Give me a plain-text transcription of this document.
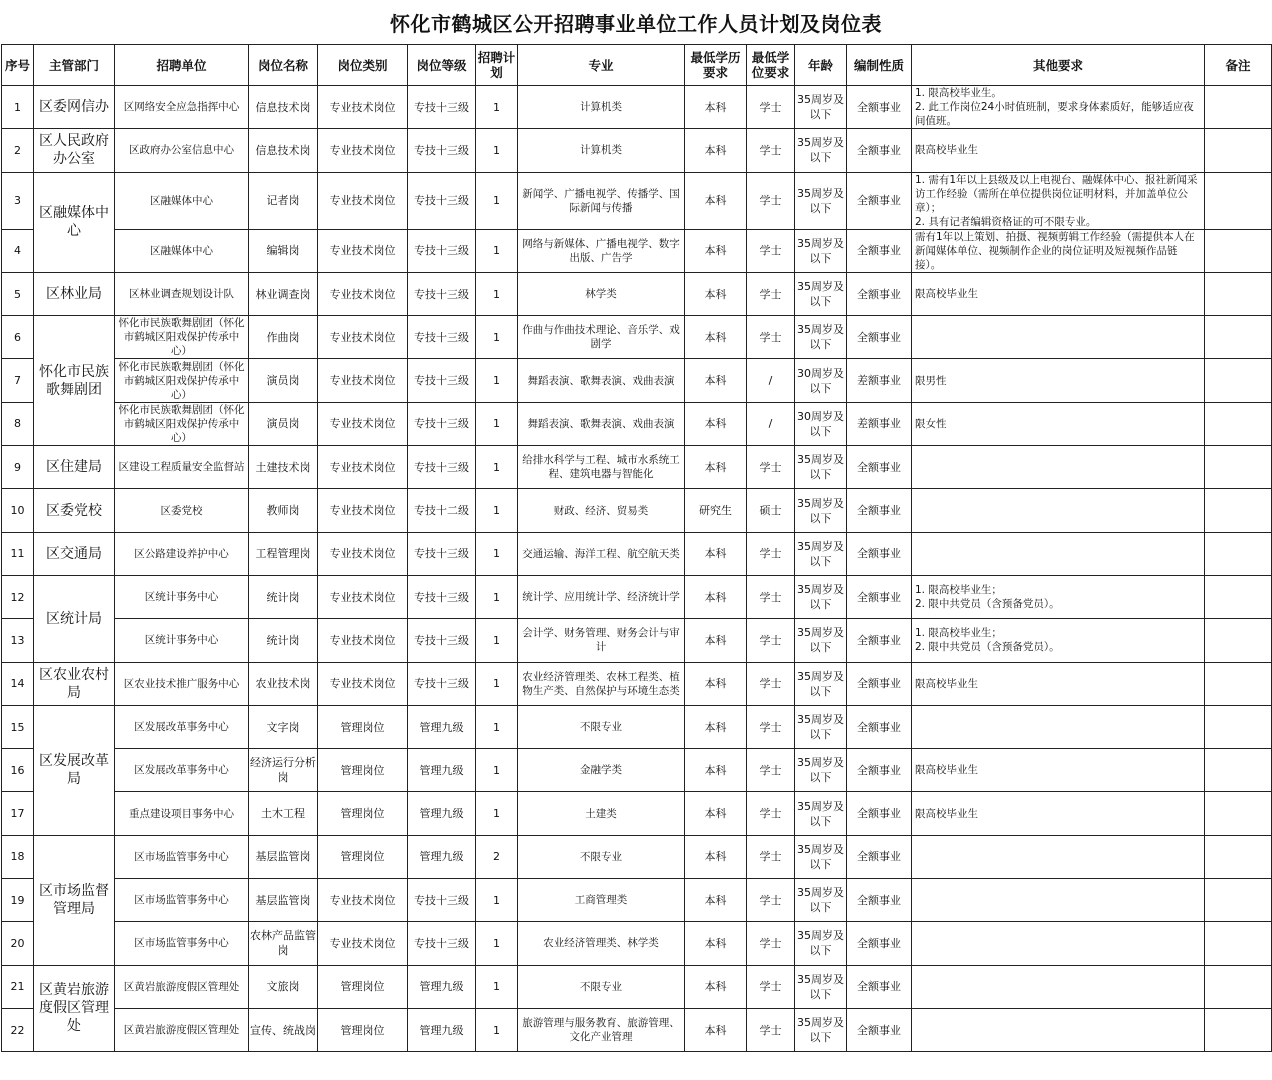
怀化市鹤城区公开招聘事业单位工作人员计划及岗位表
序号	主管部门	招聘单位	岗位名称	岗位类别	岗位等级	招聘计划	专业	最低学历要求	最低学位要求	年龄	编制性质	其他要求	备注
1	区委网信办	区网络安全应急指挥中心	信息技术岗	专业技术岗位	专技十三级	1	计算机类	本科	学士	35周岁及以下	全额事业	1. 限高校毕业生。
2. 此工作岗位24小时值班制，要求身体素质好，能够适应夜间值班。	
2	区人民政府办公室	区政府办公室信息中心	信息技术岗	专业技术岗位	专技十三级	1	计算机类	本科	学士	35周岁及以下	全额事业	限高校毕业生	
3	区融媒体中心	区融媒体中心	记者岗	专业技术岗位	专技十三级	1	新闻学、广播电视学、传播学、国际新闻与传播	本科	学士	35周岁及以下	全额事业	1. 需有1年以上县级及以上电视台、融媒体中心、报社新闻采访工作经验（需所在单位提供岗位证明材料，并加盖单位公章）；
2. 具有记者编辑资格证的可不限专业。	
4		区融媒体中心	编辑岗	专业技术岗位	专技十三级	1	网络与新媒体、广播电视学、数字出版、广告学	本科	学士	35周岁及以下	全额事业	需有1年以上策划、拍摄、视频剪辑工作经验（需提供本人在新闻媒体单位、视频制作企业的岗位证明及短视频作品链接）。	
5	区林业局	区林业调查规划设计队	林业调查岗	专业技术岗位	专技十三级	1	林学类	本科	学士	35周岁及以下	全额事业	限高校毕业生	
6	怀化市民族歌舞剧团	怀化市民族歌舞剧团（怀化市鹤城区阳戏保护传承中心）	作曲岗	专业技术岗位	专技十三级	1	作曲与作曲技术理论、音乐学、戏剧学	本科	学士	35周岁及以下	全额事业		
7		怀化市民族歌舞剧团（怀化市鹤城区阳戏保护传承中心）	演员岗	专业技术岗位	专技十三级	1	舞蹈表演、歌舞表演、戏曲表演	本科	/	30周岁及以下	差额事业	限男性	
8		怀化市民族歌舞剧团（怀化市鹤城区阳戏保护传承中心）	演员岗	专业技术岗位	专技十三级	1	舞蹈表演、歌舞表演、戏曲表演	本科	/	30周岁及以下	差额事业	限女性	
9	区住建局	区建设工程质量安全监督站	土建技术岗	专业技术岗位	专技十三级	1	给排水科学与工程、城市水系统工程、建筑电器与智能化	本科	学士	35周岁及以下	全额事业		
10	区委党校	区委党校	教师岗	专业技术岗位	专技十二级	1	财政、经济、贸易类	研究生	硕士	35周岁及以下	全额事业		
11	区交通局	区公路建设养护中心	工程管理岗	专业技术岗位	专技十三级	1	交通运输、海洋工程、航空航天类	本科	学士	35周岁及以下	全额事业		
12	区统计局	区统计事务中心	统计岗	专业技术岗位	专技十三级	1	统计学、应用统计学、经济统计学	本科	学士	35周岁及以下	全额事业	1. 限高校毕业生；
2. 限中共党员（含预备党员）。	
13		区统计事务中心	统计岗	专业技术岗位	专技十三级	1	会计学、财务管理、财务会计与审计	本科	学士	35周岁及以下	全额事业	1. 限高校毕业生；
2. 限中共党员（含预备党员）。	
14	区农业农村局	区农业技术推广服务中心	农业技术岗	专业技术岗位	专技十三级	1	农业经济管理类、农林工程类、植物生产类、自然保护与环境生态类	本科	学士	35周岁及以下	全额事业	限高校毕业生	
15	区发展改革局	区发展改革事务中心	文字岗	管理岗位	管理九级	1	不限专业	本科	学士	35周岁及以下	全额事业		
16		区发展改革事务中心	经济运行分析岗	管理岗位	管理九级	1	金融学类	本科	学士	35周岁及以下	全额事业	限高校毕业生	
17		重点建设项目事务中心	土木工程	管理岗位	管理九级	1	土建类	本科	学士	35周岁及以下	全额事业	限高校毕业生	
18	区市场监督管理局	区市场监管事务中心	基层监管岗	管理岗位	管理九级	2	不限专业	本科	学士	35周岁及以下	全额事业		
19		区市场监管事务中心	基层监管岗	专业技术岗位	专技十三级	1	工商管理类	本科	学士	35周岁及以下	全额事业		
20		区市场监管事务中心	农林产品监管岗	专业技术岗位	专技十三级	1	农业经济管理类、林学类	本科	学士	35周岁及以下	全额事业		
21	区黄岩旅游度假区管理处	区黄岩旅游度假区管理处	文旅岗	管理岗位	管理九级	1	不限专业	本科	学士	35周岁及以下	全额事业		
22		区黄岩旅游度假区管理处	宣传、统战岗	管理岗位	管理九级	1	旅游管理与服务教育、旅游管理、文化产业管理	本科	学士	35周岁及以下	全额事业		
